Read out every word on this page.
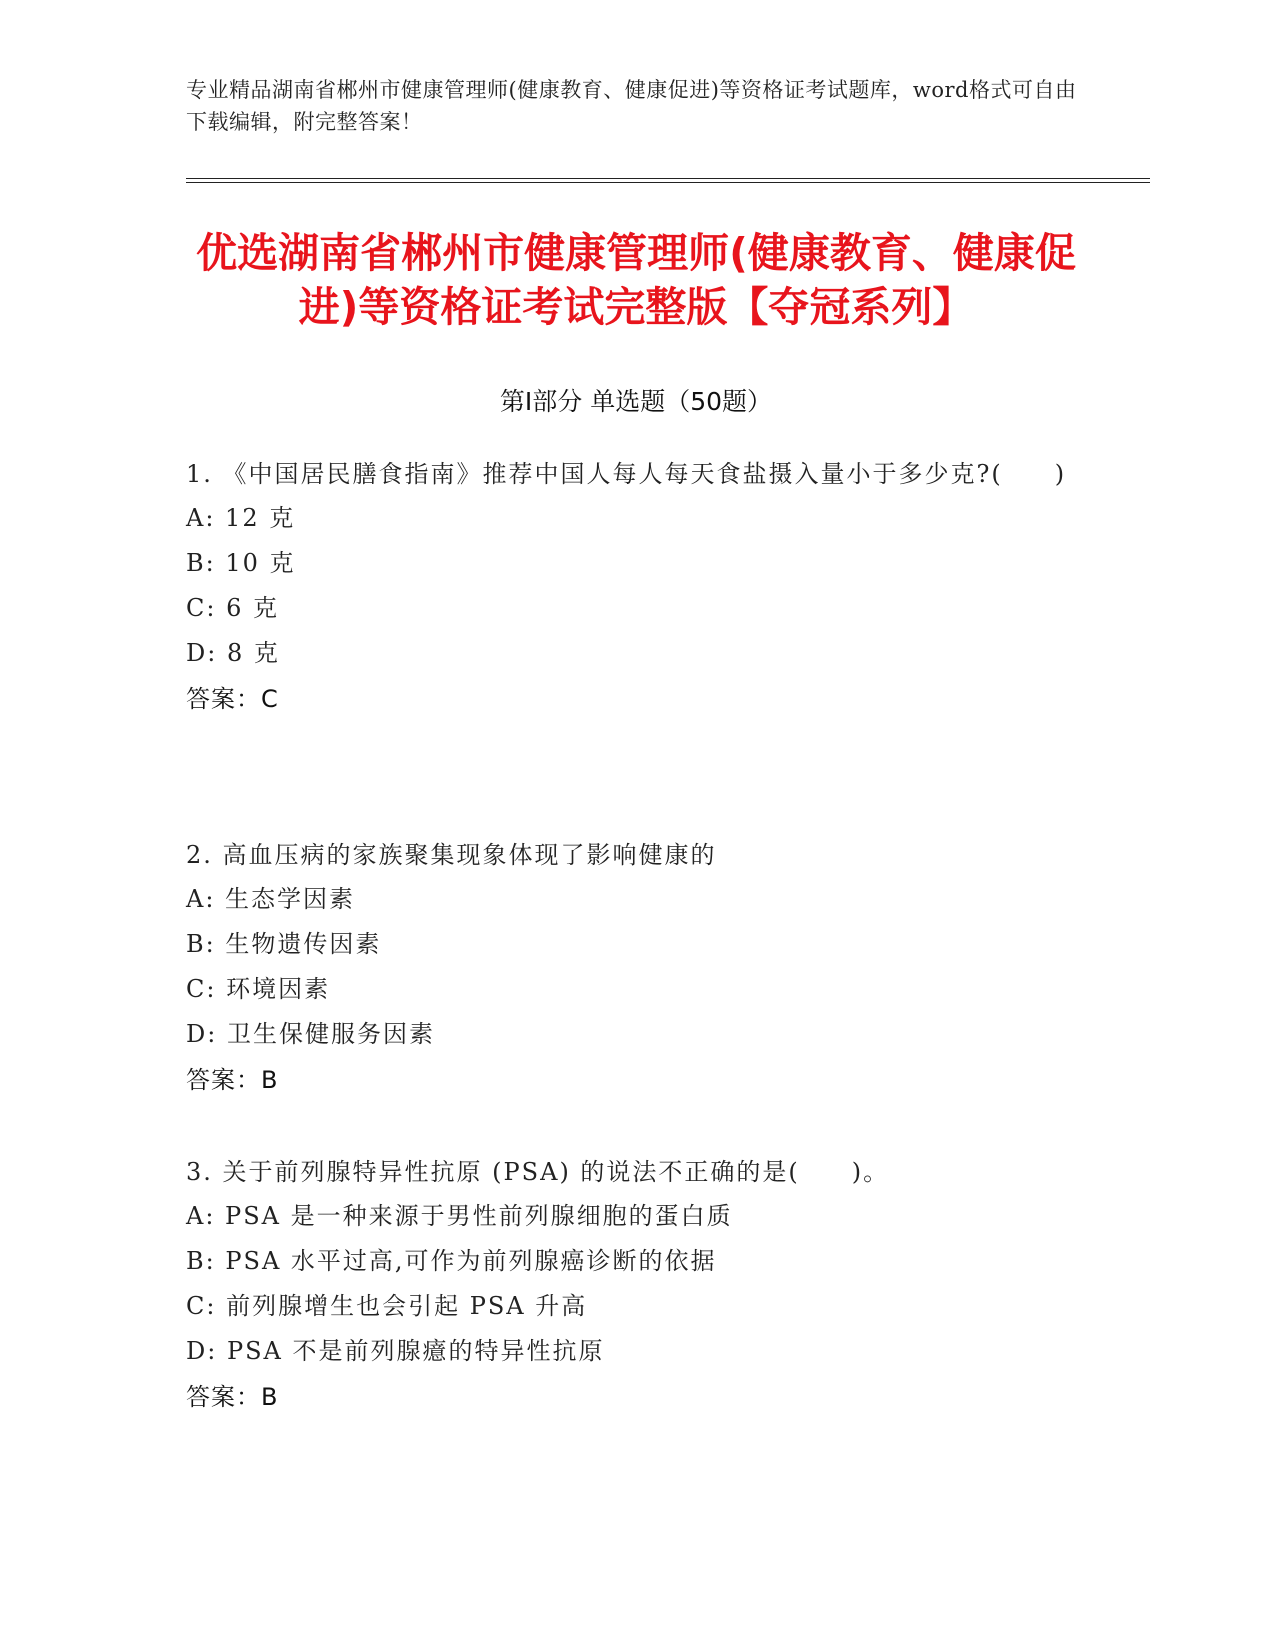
专业精品湖南省郴州市健康管理师(健康教育、健康促进)等资格证考试题库，word格式可自由下载编辑，附完整答案！
优选湖南省郴州市健康管理师(健康教育、健康促进)等资格证考试完整版【夺冠系列】
第Ⅰ部分 单选题（50题）
1. 《中国居民膳食指南》推荐中国人每人每天食盐摄入量小于多少克?(　　)
A: 12 克
B: 10 克
C: 6 克
D: 8 克
答案：C
2. 高血压病的家族聚集现象体现了影响健康的
A: 生态学因素
B: 生物遗传因素
C: 环境因素
D: 卫生保健服务因素
答案：B
3. 关于前列腺特异性抗原 (PSA) 的说法不正确的是(　　)。
A: PSA 是一种来源于男性前列腺细胞的蛋白质
B: PSA 水平过高,可作为前列腺癌诊断的依据
C: 前列腺增生也会引起 PSA 升高
D: PSA 不是前列腺癔的特异性抗原
答案：B
